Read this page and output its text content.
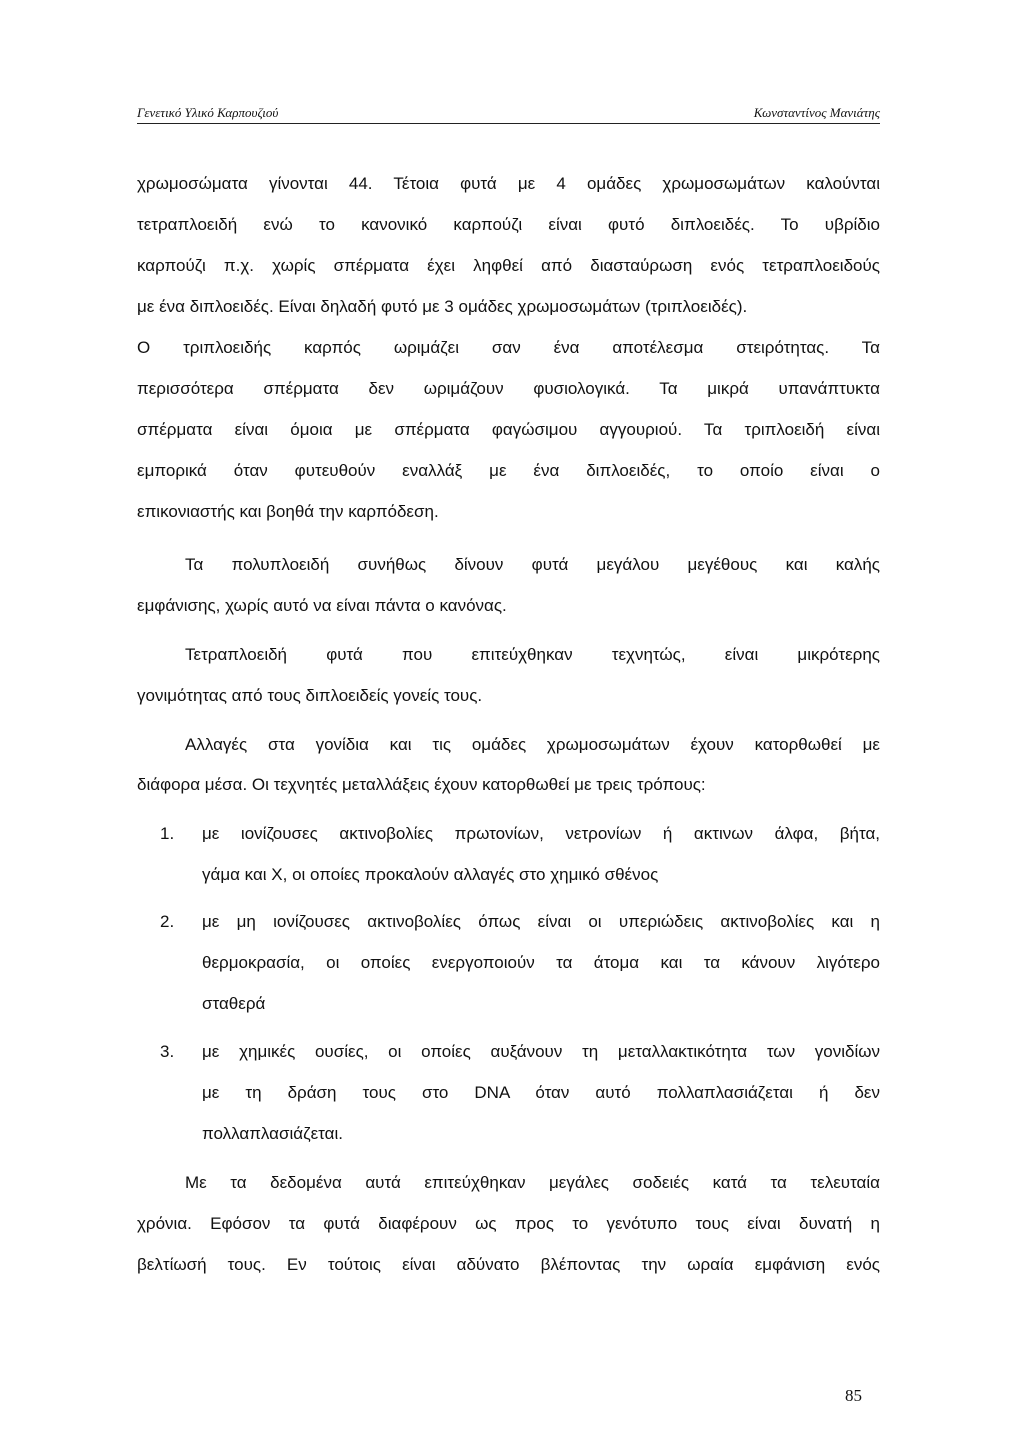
Γενετικό Υλικό Καρπουζιού	Κωνσταντίνος Μανιάτης
χρωμοσώματα γίνονται 44. Τέτοια φυτά με 4 ομάδες χρωμοσωμάτων καλούνται
τετραπλοειδή ενώ το κανονικό καρπούζι είναι φυτό διπλοειδές. Το υβρίδιο
καρπούζι π.χ. χωρίς σπέρματα έχει ληφθεί από διασταύρωση ενός τετραπλοειδούς
με ένα διπλοειδές. Είναι δηλαδή φυτό με 3 ομάδες χρωμοσωμάτων (τριπλοειδές).
Ο τριπλοειδής καρπός ωριμάζει σαν ένα αποτέλεσμα στειρότητας. Τα
περισσότερα σπέρματα δεν ωριμάζουν φυσιολογικά. Τα μικρά υπανάπτυκτα
σπέρματα είναι όμοια με σπέρματα φαγώσιμου αγγουριού. Τα τριπλοειδή είναι
εμπορικά όταν φυτευθούν εναλλάξ με ένα διπλοειδές, το οποίο είναι ο
επικονιαστής και βοηθά την καρπόδεση.
Τα πολυπλοειδή συνήθως δίνουν φυτά μεγάλου μεγέθους και καλής
εμφάνισης, χωρίς αυτό να είναι πάντα ο κανόνας.
Τετραπλοειδή φυτά που επιτεύχθηκαν τεχνητώς, είναι μικρότερης
γονιμότητας από τους διπλοειδείς γονείς τους.
Αλλαγές στα γονίδια και τις ομάδες χρωμοσωμάτων έχουν κατορθωθεί με
διάφορα μέσα. Οι τεχνητές μεταλλάξεις έχουν κατορθωθεί με τρεις τρόπους:
1.	με ιονίζουσες ακτινοβολίες πρωτονίων, νετρονίων ή ακτινων άλφα, βήτα,
γάμα και Χ, οι οποίες προκαλούν αλλαγές στο χημικό σθένος
2.	με μη ιονίζουσες ακτινοβολίες όπως είναι οι υπεριώδεις ακτινοβολίες και η
θερμοκρασία, οι οποίες ενεργοποιούν τα άτομα και τα κάνουν λιγότερο
σταθερά
3.	με χημικές ουσίες, οι οποίες αυξάνουν τη μεταλλακτικότητα των γονιδίων
με τη δράση τους στο DNA όταν αυτό πολλαπλασιάζεται ή δεν
πολλαπλασιάζεται.
Με τα δεδομένα αυτά επιτεύχθηκαν μεγάλες σοδειές κατά τα τελευταία
χρόνια. Εφόσον τα φυτά διαφέρουν ως προς το γενότυπο τους είναι δυνατή η
βελτίωσή τους. Εν τούτοις είναι αδύνατο βλέποντας την ωραία εμφάνιση ενός
85
